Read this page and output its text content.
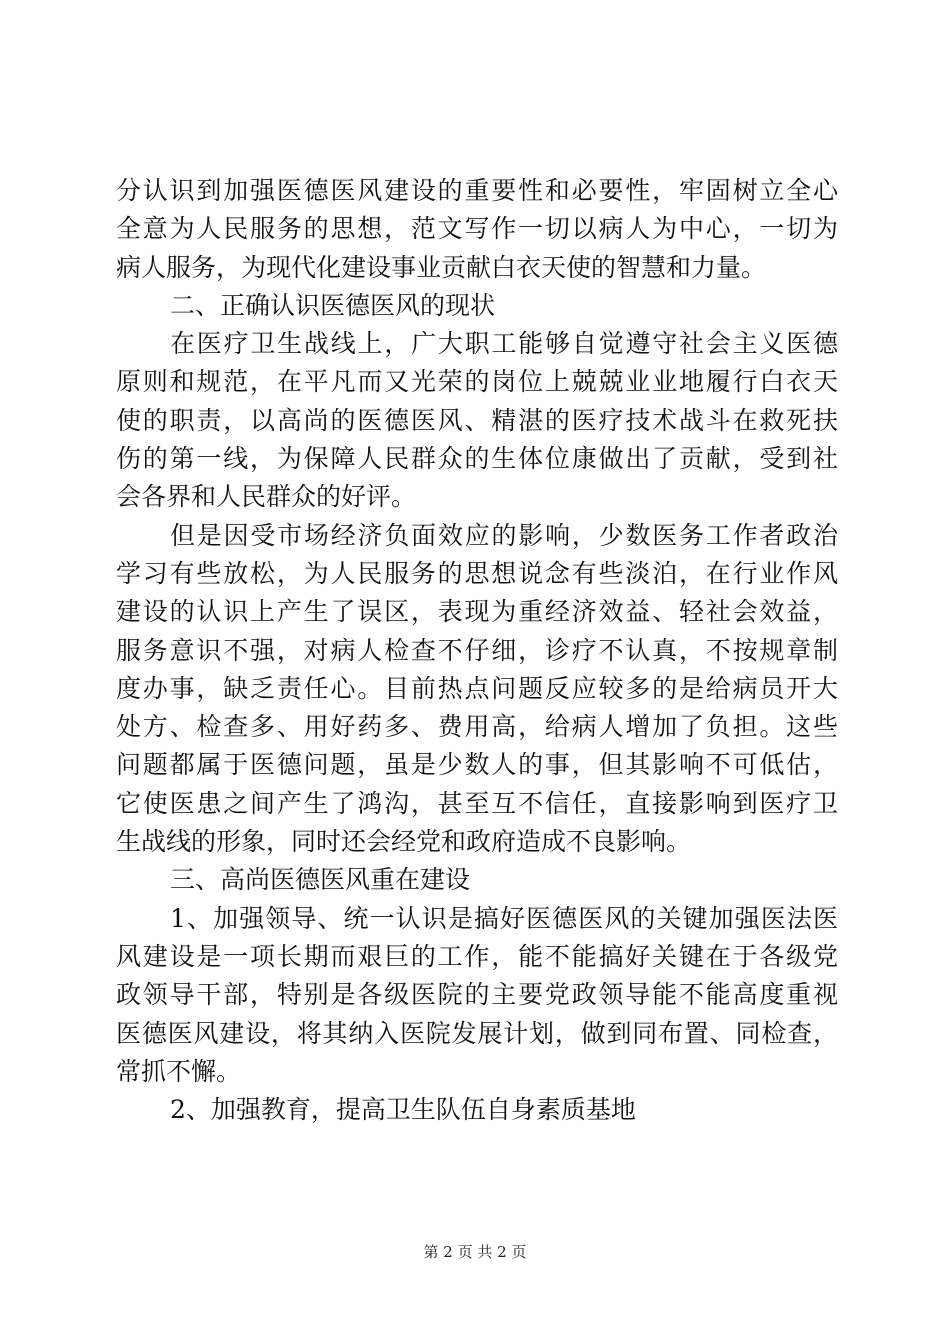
分认识到加强医德医风建设的重要性和必要性，牢固树立全心
全意为人民服务的思想，范文写作一切以病人为中心，一切为
病人服务，为现代化建设事业贡献白衣天使的智慧和力量。
二、正确认识医德医风的现状
在医疗卫生战线上，广大职工能够自觉遵守社会主义医德
原则和规范，在平凡而又光荣的岗位上兢兢业业地履行白衣天
使的职责，以高尚的医德医风、精湛的医疗技术战斗在救死扶
伤的第一线，为保障人民群众的生体位康做出了贡献，受到社
会各界和人民群众的好评。
但是因受市场经济负面效应的影响，少数医务工作者政治
学习有些放松，为人民服务的思想说念有些淡泊，在行业作风
建设的认识上产生了误区，表现为重经济效益、轻社会效益，
服务意识不强，对病人检查不仔细，诊疗不认真，不按规章制
度办事，缺乏责任心。目前热点问题反应较多的是给病员开大
处方、检查多、用好药多、费用高，给病人增加了负担。这些
问题都属于医德问题，虽是少数人的事，但其影响不可低估，
它使医患之间产生了鸿沟，甚至互不信任，直接影响到医疗卫
生战线的形象，同时还会经党和政府造成不良影响。
三、高尚医德医风重在建设
1、加强领导、统一认识是搞好医德医风的关键加强医法医
风建设是一项长期而艰巨的工作，能不能搞好关键在于各级党
政领导干部，特别是各级医院的主要党政领导能不能高度重视
医德医风建设，将其纳入医院发展计划，做到同布置、同检查，
常抓不懈。
2、加强教育，提高卫生队伍自身素质基地
第 2 页 共 2 页
